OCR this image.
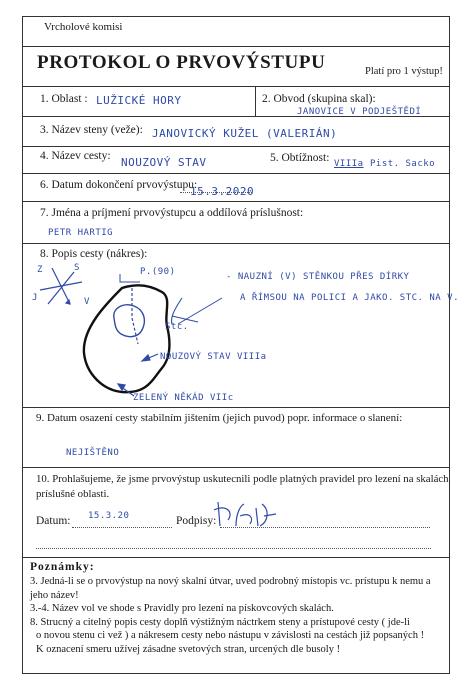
Vrcholové komisi
PROTOKOL O PRVOVÝSTUPU	Platí pro 1 výstup!
1. Oblast : LUŽICKÉ HORY	2. Obvod (skupina skal):
JANOVICE V PODJEŠTĚDÍ
3. Název steny (veže): JANOVICKÝ KUŽEL (VALERIÁN)
4. Název cesty: NOUZOVÝ STAV	5. Obtížnost: VIIIa Pist. Sacko
6. Datum dokončení prvovýstupu:
15.3.2020
7. Jména a príjmení prvovýstupcu a oddílová príslušnost:
PETR HARTIG
8. Popis cesty (nákres):
Z	S
V
J
P.(90)
Stc.
NOUZOVÝ STAV VIIIa
ZELENÝ NĚKÁD VIIc
- NAUZNÍ (V) STĚNKOU PŘES DÍRKY
A ŘÍMSOU NA POLICI A JAKO. STC. NA V.
9. Datum osazení cesty stabilním jištením (jejich puvod) popr. informace o slanení:
NEJIŠTĚNO
10. Prohlašujeme, že jsme prvovýstup uskutecnili podle platných pravidel pro lezení na skalách
príslušné oblasti.
Datum: 15.3.20	Podpisy:
Poznámky:
3. Jedná-li se o prvovýstup na nový skalní útvar, uved podrobný místopis vc. prístupu k nemu a
jeho název!
3.-4. Název vol ve shode s Pravidly pro lezení na pískovcových skalách.
8. Strucný a citelný popis cesty doplň výstižným náctrkem steny a prístupové cesty ( jde-li
o novou stenu ci vež ) a nákresem cesty nebo nástupu v závislosti na cestách již popsaných !
K oznacení smeru užívej zásadne svetových stran, urcených dle busoly !
